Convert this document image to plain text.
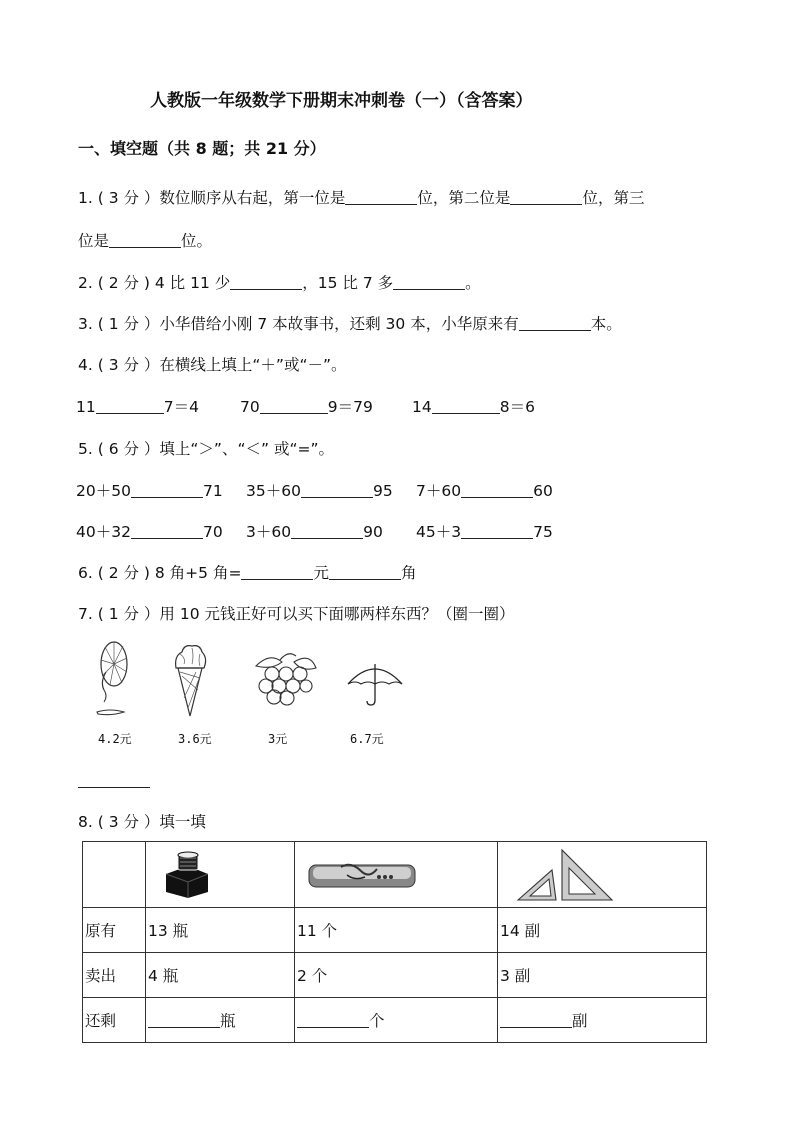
人教版一年级数学下册期末冲刺卷（一）（含答案）
一、填空题（共 8 题；共 21 分）
1. ( 3 分 ）数位顺序从右起，第一位是	位，第二位是	位，第三
位是	位。
2. ( 2 分 ) 4 比 11 少	，15 比 7 多	。
3. ( 1 分 ）小华借给小刚 7 本故事书，还剩 30 本，小华原来有	本。
4. ( 3 分 ）在横线上填上“＋”或“－”。
11	7＝4	70	9＝79	14	8＝6
5. ( 6 分 ）填上“＞”、“＜” 或“=”。
20＋50	71 35＋60	95 7＋60	60
40＋32	70 3＋60	90 45＋3	75
6. ( 2 分 ) 8 角+5 角=	元	角
7. ( 1 分 ）用 10 元钱正好可以买下面哪两样东西？（圈一圈）
4.2元	3.6元	3元	6.7元
8. ( 3 分 ）填一填

原有	13 瓶	11 个	14 副
卖出	4 瓶	2 个	3 副
还剩	瓶	个	副
